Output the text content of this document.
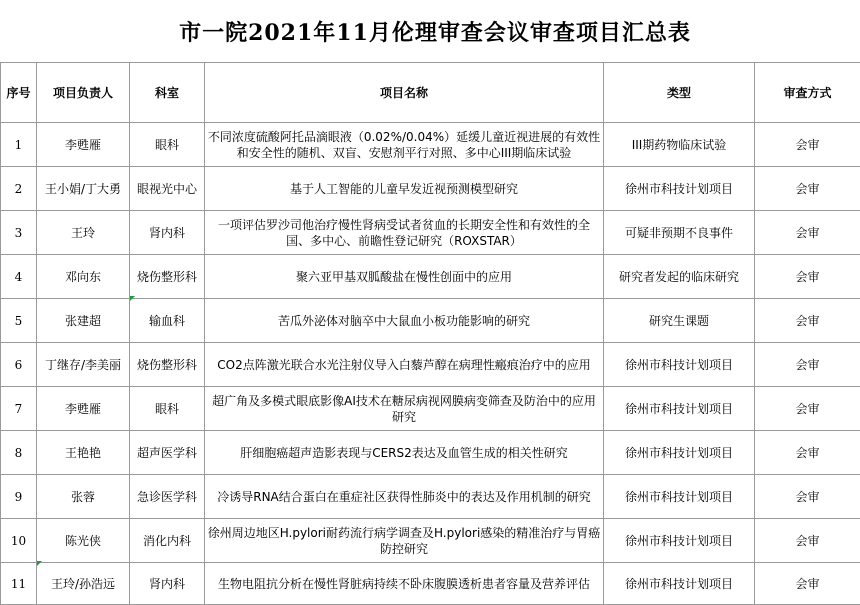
市一院2021年11月伦理审查会议审查项目汇总表
序号	项目负责人	科室	项目名称	类型	审查方式
1	李甦雁	眼科	不同浓度硫酸阿托品滴眼液（0.02%/0.04%）延缓儿童近视进展的有效性和安全性的随机、双盲、安慰剂平行对照、多中心III期临床试验	III期药物临床试验	会审
2	王小娟/丁大勇	眼视光中心	基于人工智能的儿童早发近视预测模型研究	徐州市科技计划项目	会审
3	王玲	肾内科	一项评估罗沙司他治疗慢性肾病受试者贫血的长期安全性和有效性的全国、多中心、前瞻性登记研究（ROXSTAR）	可疑非预期不良事件	会审
4	邓向东	烧伤整形科	聚六亚甲基双胍酸盐在慢性创面中的应用	研究者发起的临床研究	会审
5	张建超	输血科	苦瓜外泌体对脑卒中大鼠血小板功能影响的研究	研究生课题	会审
6	丁继存/李美丽	烧伤整形科	CO2点阵激光联合水光注射仪导入白藜芦醇在病理性瘢痕治疗中的应用	徐州市科技计划项目	会审
7	李甦雁	眼科	超广角及多模式眼底影像AI技术在糖尿病视网膜病变筛查及防治中的应用研究	徐州市科技计划项目	会审
8	王艳艳	超声医学科	肝细胞癌超声造影表现与CERS2表达及血管生成的相关性研究	徐州市科技计划项目	会审
9	张蓉	急诊医学科	冷诱导RNA结合蛋白在重症社区获得性肺炎中的表达及作用机制的研究	徐州市科技计划项目	会审
10	陈光侠	消化内科	徐州周边地区H.pylori耐药流行病学调查及H.pylori感染的精准治疗与胃癌防控研究	徐州市科技计划项目	会审
11	王玲/孙浩远	肾内科	生物电阻抗分析在慢性肾脏病持续不卧床腹膜透析患者容量及营养评估	徐州市科技计划项目	会审
